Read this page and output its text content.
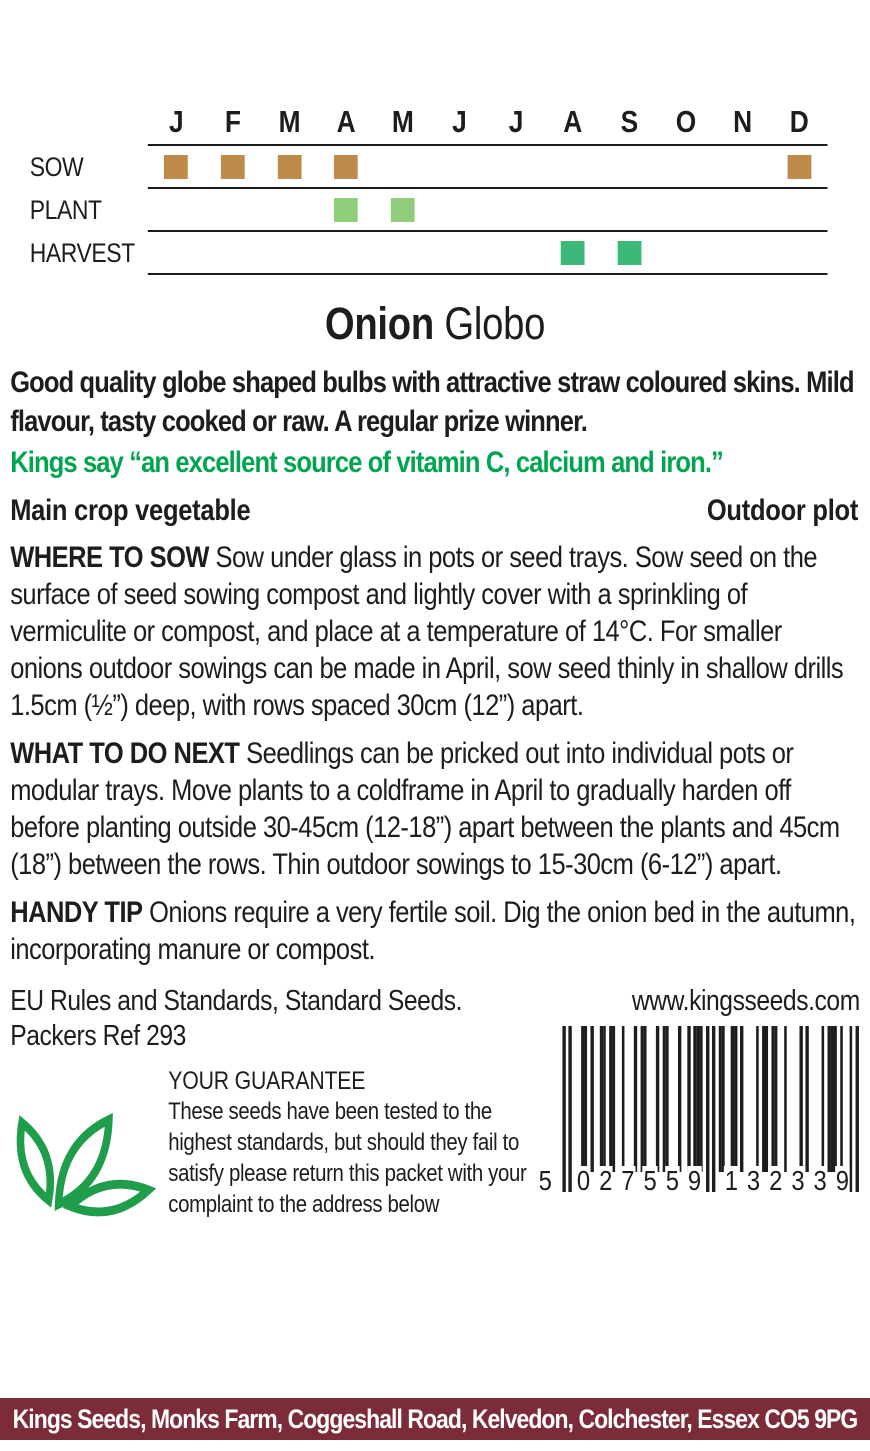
J F M A M J J A S O N D
SOW
PLANT
HARVEST
Onion Globo

Good quality globe shaped bulbs with attractive straw coloured skins. Mild flavour, tasty cooked or raw. A regular prize winner.

Kings say “an excellent source of vitamin C, calcium and iron.”

Main crop vegetable	Outdoor plot

WHERE TO SOW Sow under glass in pots or seed trays. Sow seed on the surface of seed sowing compost and lightly cover with a sprinkling of vermiculite or compost, and place at a temperature of 14°C. For smaller onions outdoor sowings can be made in April, sow seed thinly in shallow drills 1.5cm (½”) deep, with rows spaced 30cm (12”) apart.

WHAT TO DO NEXT Seedlings can be pricked out into individual pots or modular trays. Move plants to a coldframe in April to gradually harden off before planting outside 30-45cm (12-18”) apart between the plants and 45cm (18”) between the rows. Thin outdoor sowings to 15-30cm (6-12”) apart.

HANDY TIP Onions require a very fertile soil. Dig the onion bed in the autumn, incorporating manure or compost.

EU Rules and Standards, Standard Seeds.
Packers Ref 293
YOUR GUARANTEE
These seeds have been tested to the highest standards, but should they fail to satisfy please return this packet with your complaint to the address below
www.kingsseeds.com
5 0 2 7 5 5 9 1 3 2 3 3 9
Kings Seeds, Monks Farm, Coggeshall Road, Kelvedon, Colchester, Essex CO5 9PG
